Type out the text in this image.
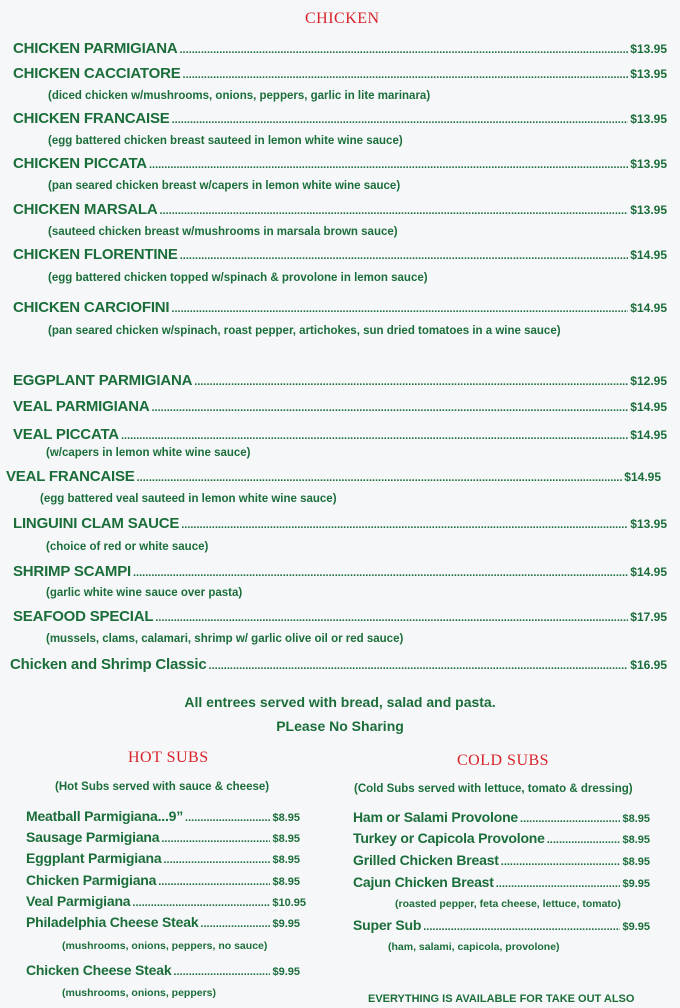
CHICKEN
CHICKEN PARMIGIANA .....	$13.95
CHICKEN CACCIATORE .....	$13.95
(diced chicken w/mushrooms, onions, peppers, garlic in lite marinara)
CHICKEN FRANCAISE .....	$13.95
(egg battered chicken breast sauteed in lemon white wine sauce)
CHICKEN PICCATA .....	$13.95
(pan seared chicken breast w/capers in lemon white wine sauce)
CHICKEN MARSALA .....	$13.95
(sauteed chicken breast w/mushrooms in marsala brown sauce)
CHICKEN FLORENTINE .....	$14.95
(egg battered chicken topped w/spinach & provolone in lemon sauce)
CHICKEN CARCIOFINI .....	$14.95
(pan seared chicken w/spinach, roast pepper, artichokes, sun dried tomatoes in a wine sauce)
EGGPLANT PARMIGIANA .....	$12.95
VEAL PARMIGIANA .....	$14.95
VEAL PICCATA .....	$14.95
(w/capers in lemon white wine sauce)
VEAL FRANCAISE .....	$14.95
(egg battered veal sauteed in lemon white wine sauce)
LINGUINI CLAM SAUCE .....	$13.95
(choice of red or white sauce)
SHRIMP SCAMPI .....	$14.95
(garlic white wine sauce over pasta)
SEAFOOD SPECIAL .....	$17.95
(mussels, clams, calamari, shrimp w/ garlic olive oil or red sauce)
Chicken and Shrimp Classic .....	$16.95
All entrees served with bread, salad and pasta.
PLease No Sharing
HOT SUBS
(Hot Subs served with sauce & cheese)
Meatball Parmigiana...9” .....	$8.95
Sausage Parmigiana .....	$8.95
Eggplant Parmigiana .....	$8.95
Chicken Parmigiana .....	$8.95
Veal Parmigiana .....	$10.95
Philadelphia Cheese Steak .....	$9.95
(mushrooms, onions, peppers, no sauce)
Chicken Cheese Steak .....	$9.95
(mushrooms, onions, peppers)
COLD SUBS
(Cold Subs served with lettuce, tomato & dressing)
Ham or Salami Provolone .....	$8.95
Turkey or Capicola Provolone .....	$8.95
Grilled Chicken Breast .....	$8.95
Cajun Chicken Breast .....	$9.95
(roasted pepper, feta cheese, lettuce, tomato)
Super Sub .....	$9.95
(ham, salami, capicola, provolone)
EVERYTHING IS AVAILABLE FOR TAKE OUT ALSO
